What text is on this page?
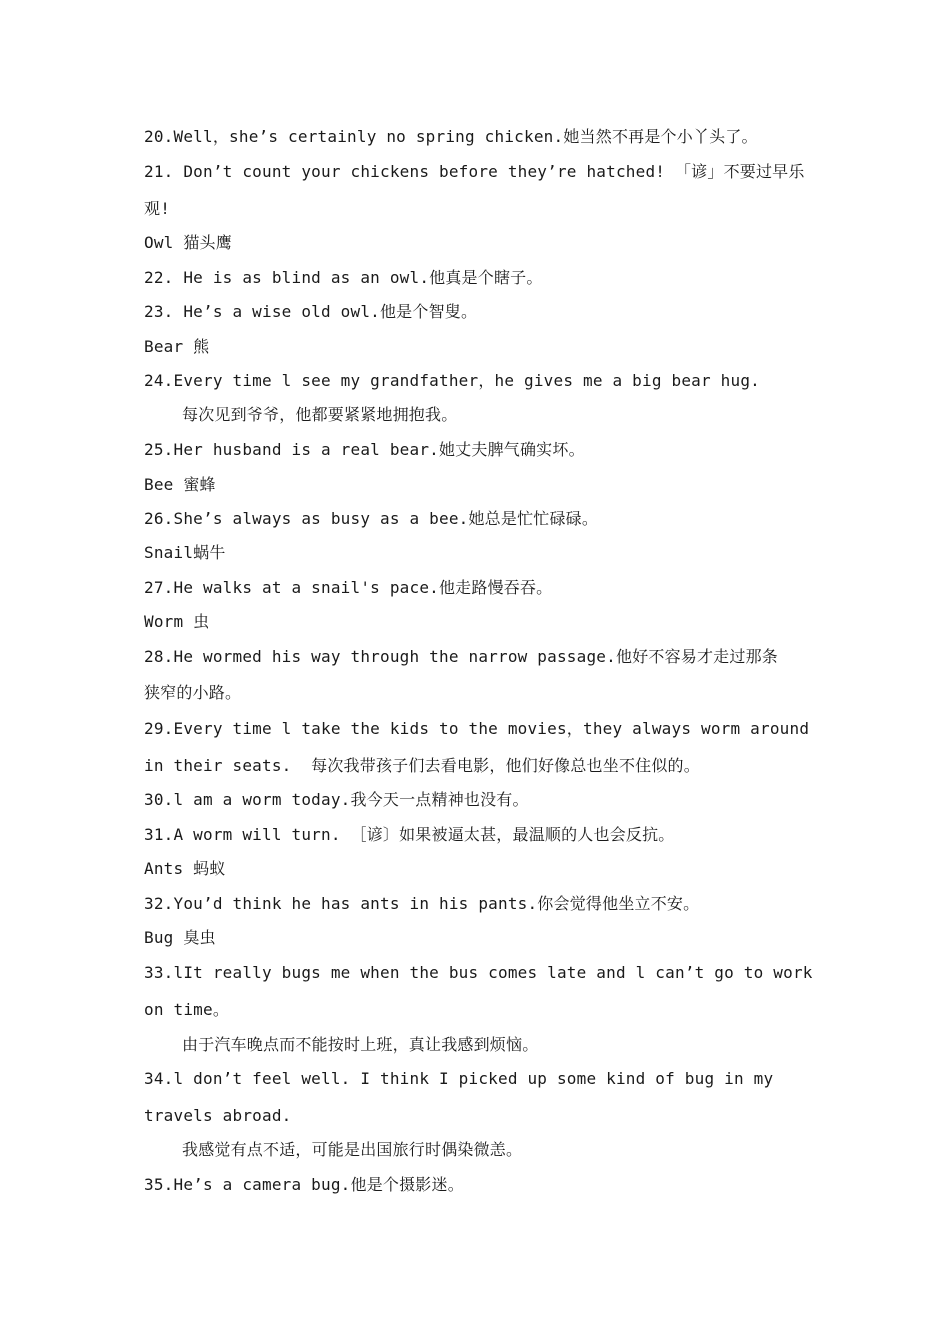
20.Well，she’s certainly no spring chicken.她当然不再是个小丫头了。
21. Don’t count your chickens before they’re hatched! 「谚」不要过早乐
观!
Owl 猫头鹰
22. He is as blind as an owl.他真是个瞎子。
23. He’s a wise old owl.他是个智叟。
Bear 熊
24.Every time l see my grandfather，he gives me a big bear hug.
每次见到爷爷，他都要紧紧地拥抱我。
25.Her husband is a real bear.她丈夫脾气确实坏。
Bee 蜜蜂
26.She’s always as busy as a bee.她总是忙忙碌碌。
Snail蜗牛
27.He walks at a snail's pace.他走路慢吞吞。
Worm 虫
28.He wormed his way through the narrow passage.他好不容易才走过那条
狭窄的小路。
29.Every time l take the kids to the movies，they always worm around
in their seats.  每次我带孩子们去看电影，他们好像总也坐不住似的。
30.l am a worm today.我今天一点精神也没有。
31.A worm will turn. ［谚〕如果被逼太甚，最温顺的人也会反抗。
Ants 蚂蚁
32.You’d think he has ants in his pants.你会觉得他坐立不安。
Bug 臭虫
33.lIt really bugs me when the bus comes late and l can’t go to work
on time。
由于汽车晚点而不能按时上班，真让我感到烦恼。
34.l don’t feel well. I think I picked up some kind of bug in my
travels abroad.
我感觉有点不适，可能是出国旅行时偶染微恙。
35.He’s a camera bug.他是个摄影迷。
